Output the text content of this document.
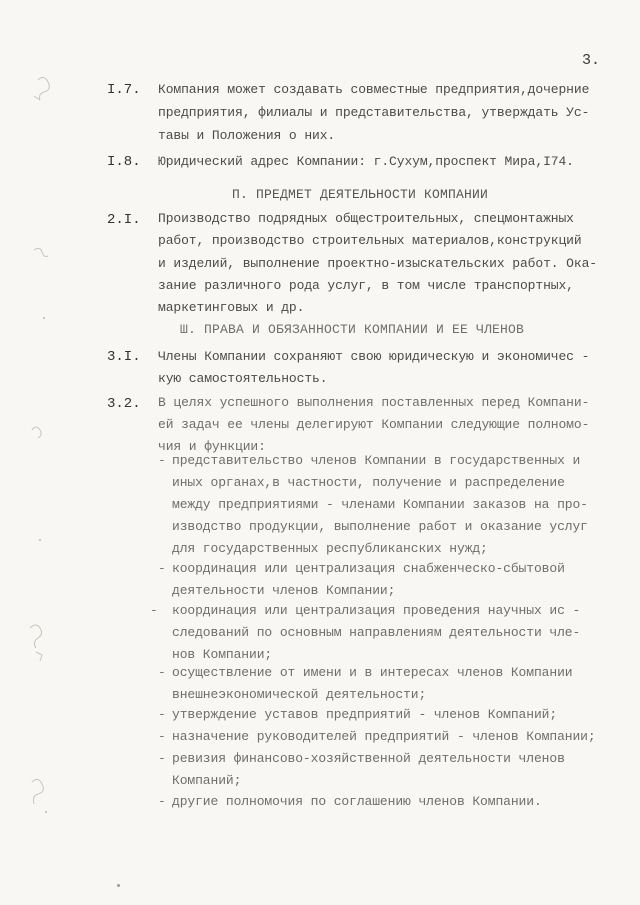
3.
I.7. Компания может создавать совместные предприятия,дочерние
предприятия, филиалы и представительства, утверждать Ус-
тавы и Положения о них.
I.8. Юридический адрес Компании: г.Сухум,проспект Мира,I74.
П. ПРЕДМЕТ ДЕЯТЕЛЬНОСТИ КОМПАНИИ
2.I. Производство подрядных общестроительных, спецмонтажных
работ, производство строительных материалов,конструкций
и изделий, выполнение проектно-изыскательских работ. Ока-
зание различного рода услуг, в том числе транспортных,
маркетинговых и др.
Ш. ПРАВА И ОБЯЗАННОСТИ КОМПАНИИ И ЕЕ ЧЛЕНОВ
3.I. Члены Компании сохраняют свою юридическую и экономичес -
кую самостоятельность.
3.2. В целях успешного выполнения поставленных перед Компани-
ей задач ее члены делегируют Компании следующие полномо-
чия и функции:
- представительство членов Компании в государственных и
иных органах,в частности, получение и распределение
между предприятиями - членами Компании заказов на про-
изводство продукции, выполнение работ и оказание услуг
для государственных республиканских нужд;
- координация или централизация снабженческо-сбытовой
деятельности членов Компании;
- координация или централизация проведения научных ис -
следований по основным направлениям деятельности чле-
нов Компании;
- осуществление от имени и в интересах членов Компании
внешнеэкономической деятельности;
- утверждение уставов предприятий - членов Компаний;
- назначение руководителей предприятий - членов Компании;
- ревизия финансово-хозяйственной деятельности членов
Компаний;
- другие полномочия по соглашению членов Компании.
